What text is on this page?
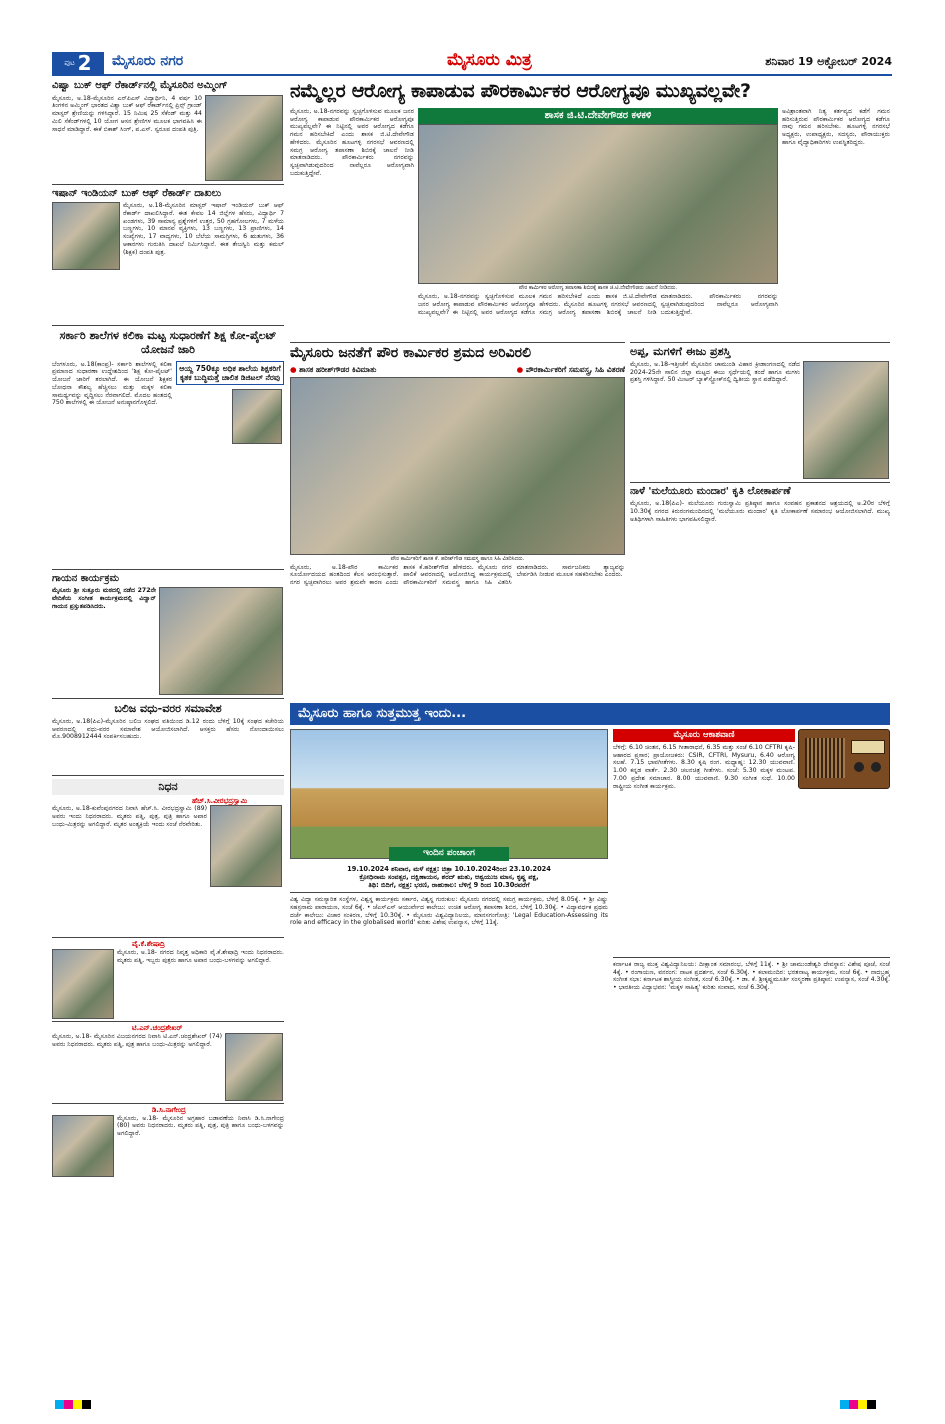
ಪುಟ 2 ಮೈಸೂರು ನಗರ	ಮೈಸೂರು ಮಿತ್ರ	ಶನಿವಾರ 19 ಅಕ್ಟೋಬರ್ 2024
ವಿಷ್ವಾ ಬುಕ್ ಆಫ್ ರೆಕಾರ್ಡ್‌ನಲ್ಲಿ ಮೈಸೂರಿನ ಅಮ್ಮಿಂಗ್
ಮೈಸೂರು, ಅ.18-ಮೈಸೂರಿನ ಎನ್‌ಪಿಎಸ್ ವಿದ್ಯಾರ್ಥಿನಿ, 4 ವರ್ಷ 10 ತಿಂಗಳಿನ ಅಮ್ಮಿಂಗ್ ಭಾರತದ ವಿಶ್ವಾ ಬುಕ್ ಆಫ್ ರೆಕಾರ್ಡ್‌ನಲ್ಲಿ ಪ್ರಿನ್ಸ್ ಗ್ರಾಂಡ್ ಮಾಸ್ಟರ್ ಶ್ರೇಣಿಯನ್ನು ಗಳಿಸಿದ್ದಾರೆ. 15 ನಿಮಿಷ 25 ಸೆಕೆಂಡ್ ಮತ್ತು 44 ಮಿಲಿ ಸೆಕೆಂಡ್‌ಗಳಲ್ಲಿ 10 ಯೋಗ ಆಸನ ಶ್ರೇಣಿಗಳ ಮೂಲಕ ಭಾಗವಹಿಸಿ ಈ ಸಾಧನೆ ಮಾಡಿದ್ದಾರೆ. ಈಕೆ ಬಿಕಾಶ್ ಸಿಂಗ್, ಪ.ಎಸ್. ಸ್ವರೂಪ ದಂಪತಿ ಪುತ್ರಿ.
ಇಷಾನ್ ಇಂಡಿಯನ್ ಬುಕ್ ಆಫ್ ರೆಕಾರ್ಡ್ ದಾಖಲು
ಮೈಸೂರು, ಅ.18-ಮೈಸೂರಿನ ಮಾಸ್ಟರ್ ಇಷಾನ್ ಇಂಡಿಯನ್ ಬುಕ್ ಆಫ್ ರೆಕಾರ್ಡ್ ದಾಖಲಿಸಿದ್ದಾರೆ. ಈತ ಕೇವಲ 14 ಜಿಲ್ಲೆಗಳ ಹೆಸರು, ವಿದ್ಯಾರ್ಥಿ 7 ಖಂಡಗಳು, 39 ಸಾಮಾನ್ಯ ಪ್ರಶ್ನೆಗಳಿಗೆ ಉತ್ತರ, 50 ಗ್ರಹಗೋಲಗಳು, 7 ಮಳೆಯ ಬಣ್ಣಗಳು, 10 ಮಾನವ ವ್ಯಕ್ತಿಗಳು, 13 ಬಣ್ಣಗಳು, 13 ಪ್ರಾಣಿಗಳು, 14 ಸಂಖ್ಯೆಗಳು, 17 ವಾದ್ಯಗಳು, 10 ಬೆಲೆಯ ಸಾಮಗ್ರಿಗಳು, 6 ಋತುಗಳು, 36 ಆಕಾರಗಳು ಗುರುತಿಸಿ ದಾಖಲೆ ನಿರ್ಮಿಸಿದ್ದಾನೆ. ಈತ ತೇಜಸ್ವಿನಿ ಮತ್ತು ಕಮಲ್ (ಶಿಕ್ಷಕ) ದಂಪತಿ ಪುತ್ರ.
ಸರ್ಕಾರಿ ಶಾಲೆಗಳ ಕಲಿಕಾ ಮಟ್ಟ ಸುಧಾರಣೆಗೆ ಶಿಕ್ಷ ಕೋ-ಪೈಲಟ್ ಯೋಜನೆ ಜಾರಿ
ಬೆಂಗಳೂರು, ಅ.18(ಕಾಂಪ್ರ)- ಸರ್ಕಾರಿ ಶಾಲೆಗಳಲ್ಲಿ ಕಲಿಕಾ ಪ್ರಮಾಣದ ಸುಧಾರಣಾ ಉದ್ದೇಶದಿಂದ 'ಶಿಕ್ಷ ಕೋ-ಪೈಲಟ್' ಯೋಜನೆ ಜಾರಿಗೆ ತರಲಾಗಿದೆ. ಈ ಯೋಜನೆ ಶಿಕ್ಷಕರ ಬೋಧನಾ ಕೌಶಲ್ಯ ಹೆಚ್ಚಿಸಲು ಮತ್ತು ಮಕ್ಕಳ ಕಲಿಕಾ ಸಾಮರ್ಥ್ಯವನ್ನು ವೃದ್ಧಿಸಲು ನೆರವಾಗಲಿದೆ. ಮೊದಲ ಹಂತದಲ್ಲಿ 750 ಶಾಲೆಗಳಲ್ಲಿ ಈ ಯೋಜನೆ ಅನುಷ್ಠಾನಗೊಳ್ಳಲಿದೆ.
ಆಯ್ದ 750ಕ್ಕೂ ಅಧಿಕ ಶಾಲೆಯ ಶಿಕ್ಷಕರಿಗೆ ಕೃತಕ ಬುದ್ಧಿಮತ್ತೆ ಚಾಲಿತ ಡಿಜಿಟಲ್ ನೆರವು
ಗಾಯನ ಕಾರ್ಯಕ್ರಮ
ಮೈಸೂರು ಶ್ರೀ ಸುತ್ತೂರು ಮಠದಲ್ಲಿ ನಡೆದ 272ನೇ ವೇದಿಕೆಯ ಸಂಗೀತ ಕಾರ್ಯಕ್ರಮದಲ್ಲಿ ವಿದ್ವಾನ್ ಗಾಯನ ಪ್ರಸ್ತುತಪಡಿಸಿದರು.
ಬಲಿಜ ವಧು-ವರರ ಸಮಾವೇಶ
ಮೈಸೂರು, ಅ.18(ಪಿಎ)-ಮೈಸೂರಿನ ಬಲಿಜ ಸಂಘದ ವತಿಯಿಂದ ಡಿ.12 ರಂದು ಬೆಳಿಗ್ಗೆ 10ಕ್ಕೆ ಸಂಘದ ಕಚೇರಿಯ ಆವರಣದಲ್ಲಿ ವಧು-ವರರ ಸಮಾವೇಶ ಆಯೋಜಿಸಲಾಗಿದೆ. ಆಸಕ್ತರು ಹೆಸರು ನೋಂದಾಯಿಸಲು ಮೊ.9008912444 ಸಂಪರ್ಕಿಸಬಹುದು.
ನಿಧನ
ಹೆಚ್.ಸಿ.ವೀರಭದ್ರಸ್ವಾಮಿ
ಮೈಸೂರು, ಅ.18-ಕುವೆಂಪುನಗರದ ನಿವಾಸಿ ಹೆಚ್.ಸಿ. ವೀರಭದ್ರಸ್ವಾಮಿ (89) ಅವರು ಇಂದು ನಿಧನರಾದರು. ಮೃತರು ಪತ್ನಿ, ಪುತ್ರ, ಪುತ್ರಿ ಹಾಗೂ ಅಪಾರ ಬಂಧು-ಮಿತ್ರರನ್ನು ಅಗಲಿದ್ದಾರೆ. ಮೃತರ ಅಂತ್ಯಕ್ರಿಯೆ ಇಂದು ಸಂಜೆ ನೆರವೇರಿತು.
ವೈ.ಕೆ.ಶೇಷಾದ್ರಿ
ಮೈಸೂರು, ಅ.18- ನಗರದ ನಿವೃತ್ತ ಅಧಿಕಾರಿ ವೈ.ಕೆ.ಶೇಷಾದ್ರಿ ಇಂದು ನಿಧನರಾದರು. ಮೃತರು ಪತ್ನಿ, ಇಬ್ಬರು ಪುತ್ರರು ಹಾಗೂ ಅಪಾರ ಬಂಧು-ಬಳಗವನ್ನು ಅಗಲಿದ್ದಾರೆ.
ಟಿ.ಎನ್.ಚಂದ್ರಶೇಖರ್
ಮೈಸೂರು, ಅ.18- ಮೈಸೂರಿನ ವಿಜಯನಗರದ ನಿವಾಸಿ ಟಿ.ಎನ್.ಚಂದ್ರಶೇಖರ್ (74) ಅವರು ನಿಧನರಾದರು. ಮೃತರು ಪತ್ನಿ, ಪುತ್ರ ಹಾಗೂ ಬಂಧು-ಮಿತ್ರರನ್ನು ಅಗಲಿದ್ದಾರೆ.
ಡಿ.ಸಿ.ನಾಗೇಂದ್ರ
ಮೈಸೂರು, ಅ.18- ಮೈಸೂರಿನ ಅಗ್ರಹಾರ ಬಡಾವಣೆಯ ನಿವಾಸಿ ಡಿ.ಸಿ.ನಾಗೇಂದ್ರ (80) ಅವರು ನಿಧನರಾದರು. ಮೃತರು ಪತ್ನಿ, ಪುತ್ರ, ಪುತ್ರಿ ಹಾಗೂ ಬಂಧು-ಬಳಗವನ್ನು ಅಗಲಿದ್ದಾರೆ.
ನಮ್ಮೆಲ್ಲರ ಆರೋಗ್ಯ ಕಾಪಾಡುವ ಪೌರಕಾರ್ಮಿಕರ ಆರೋಗ್ಯವೂ ಮುಖ್ಯವಲ್ಲವೇ?
ಮೈಸೂರು, ಅ.18-ನಗರವನ್ನು ಸ್ವಚ್ಛಗೊಳಿಸುವ ಮೂಲಕ ಜನರ ಆರೋಗ್ಯ ಕಾಪಾಡುವ ಪೌರಕಾರ್ಮಿಕರ ಆರೋಗ್ಯವೂ ಮುಖ್ಯವಲ್ಲವೇ? ಈ ನಿಟ್ಟಿನಲ್ಲಿ ಅವರ ಆರೋಗ್ಯದ ಕಡೆಗೂ ಗಮನ ಹರಿಸಬೇಕಿದೆ ಎಂದು ಶಾಸಕ ಜಿ.ಟಿ.ದೇವೇಗೌಡ ಹೇಳಿದರು. ಮೈಸೂರಿನ ಹೂಟಗಳ್ಳಿ ನಗರಸಭೆ ಆವರಣದಲ್ಲಿ ಸಮಗ್ರ ಆರೋಗ್ಯ ತಪಾಸಣಾ ಶಿಬಿರಕ್ಕೆ ಚಾಲನೆ ನೀಡಿ ಮಾತನಾಡಿದರು. ಪೌರಕಾರ್ಮಿಕರು ನಗರವನ್ನು ಸ್ವಚ್ಛವಾಗಿಡುವುದರಿಂದ ನಾವೆಲ್ಲರೂ ಆರೋಗ್ಯವಾಗಿ ಬದುಕುತ್ತಿದ್ದೇವೆ.
ಶಾಸಕ ಜಿ.ಟಿ.ದೇವೇಗೌಡರ ಕಳಕಳಿ
ಪೌರ ಕಾರ್ಮಿಕರ ಆರೋಗ್ಯ ತಪಾಸಣಾ ಶಿಬಿರಕ್ಕೆ ಶಾಸಕ ಜಿ.ಟಿ.ದೇವೇಗೌಡರು ಚಾಲನೆ ನೀಡಿದರು.
ಮೈಸೂರು, ಅ.18-ನಗರವನ್ನು ಸ್ವಚ್ಛಗೊಳಿಸುವ ಮೂಲಕ ಜನರ ಆರೋಗ್ಯ ಕಾಪಾಡುವ ಪೌರಕಾರ್ಮಿಕರ ಆರೋಗ್ಯವೂ ಮುಖ್ಯವಲ್ಲವೇ? ಈ ನಿಟ್ಟಿನಲ್ಲಿ ಅವರ ಆರೋಗ್ಯದ ಕಡೆಗೂ ಗಮನ ಹರಿಸಬೇಕಿದೆ ಎಂದು ಶಾಸಕ ಜಿ.ಟಿ.ದೇವೇಗೌಡ ಹೇಳಿದರು. ಮೈಸೂರಿನ ಹೂಟಗಳ್ಳಿ ನಗರಸಭೆ ಆವರಣದಲ್ಲಿ ಸಮಗ್ರ ಆರೋಗ್ಯ ತಪಾಸಣಾ ಶಿಬಿರಕ್ಕೆ ಚಾಲನೆ ನೀಡಿ ಮಾತನಾಡಿದರು. ಪೌರಕಾರ್ಮಿಕರು ನಗರವನ್ನು ಸ್ವಚ್ಛವಾಗಿಡುವುದರಿಂದ ನಾವೆಲ್ಲರೂ ಆರೋಗ್ಯವಾಗಿ ಬದುಕುತ್ತಿದ್ದೇವೆ.
ಅವಿಶ್ರಾಂತವಾಗಿ ನಿತ್ಯ ಕರ್ತವ್ಯದ ಕಡೆಗೆ ಗಮನ ಹರಿಸುತ್ತಿರುವ ಪೌರಕಾರ್ಮಿಕರ ಆರೋಗ್ಯದ ಕಡೆಗೂ ನಾವು ಗಮನ ಹರಿಸಬೇಕು. ಹೂಟಗಳ್ಳಿ ನಗರಸಭೆ ಅಧ್ಯಕ್ಷರು, ಉಪಾಧ್ಯಕ್ಷರು, ಸದಸ್ಯರು, ಪೌರಾಯುಕ್ತರು ಹಾಗೂ ವೈದ್ಯಾಧಿಕಾರಿಗಳು ಉಪಸ್ಥಿತರಿದ್ದರು.
ಮೈಸೂರು ಜನತೆಗೆ ಪೌರ ಕಾರ್ಮಿಕರ ಶ್ರಮದ ಅರಿವಿರಲಿ
● ಶಾಸಕ ಹರೀಶ್‌ಗೌಡರ ಕಿವಿಮಾತು	● ಪೌರಕಾರ್ಮಿಕರಿಗೆ ಸಮವಸ್ತ್ರ, ಸಿಹಿ ವಿತರಣೆ
ಪೌರ ಕಾರ್ಮಿಕರಿಗೆ ಶಾಸಕ ಕೆ. ಹರೀಶ್‌ಗೌಡ ಸಮವಸ್ತ್ರ ಹಾಗೂ ಸಿಹಿ ವಿತರಿಸಿದರು.
ಮೈಸೂರು, ಅ.18-ಪೌರ ಕಾರ್ಮಿಕರ ಸೂರ್ಯೋದಯದ ಹಂತದಿಂದ ಕೆಲಸ ಆರಂಭಿಸುತ್ತಾರೆ. ನಗರ ಸ್ವಚ್ಛವಾಗಿರಲು ಅವರ ಶ್ರಮವೇ ಕಾರಣ ಎಂದು ಶಾಸಕ ಕೆ.ಹರೀಶ್‌ಗೌಡ ಹೇಳಿದರು. ಮೈಸೂರು ನಗರ ಪಾಲಿಕೆ ಆವರಣದಲ್ಲಿ ಆಯೋಜಿಸಿದ್ದ ಕಾರ್ಯಕ್ರಮದಲ್ಲಿ ಪೌರಕಾರ್ಮಿಕರಿಗೆ ಸಮವಸ್ತ್ರ ಹಾಗೂ ಸಿಹಿ ವಿತರಿಸಿ ಮಾತನಾಡಿದರು. ಸಾರ್ವಜನಿಕರು ತ್ಯಾಜ್ಯವನ್ನು ಬೇರ್ಪಡಿಸಿ ನೀಡುವ ಮೂಲಕ ಸಹಕರಿಸಬೇಕು ಎಂದರು.
ಅಪ್ಪ, ಮಗಳಿಗೆ ಈಜು ಪ್ರಶಸ್ತಿ
ಮೈಸೂರು, ಅ.18-ಇತ್ತೀಚೆಗೆ ಮೈಸೂರಿನ ಚಾಮುಂಡಿ ವಿಹಾರ ಕ್ರೀಡಾಂಗಣದಲ್ಲಿ ನಡೆದ 2024-25ನೇ ಸಾಲಿನ ಜಿಲ್ಲಾ ಮಟ್ಟದ ಈಜು ಸ್ಪರ್ಧೆಯಲ್ಲಿ ತಂದೆ ಹಾಗೂ ಮಗಳು ಪ್ರಶಸ್ತಿ ಗಳಿಸಿದ್ದಾರೆ. 50 ಮೀಟರ್ ಬ್ಯಾಕ್‌ಸ್ಟ್ರೋಕ್‌ನಲ್ಲಿ ದ್ವಿತೀಯ ಸ್ಥಾನ ಪಡೆದಿದ್ದಾರೆ.
ನಾಳೆ 'ಮಲೆಯೂರು ಮಂದಾರ' ಕೃತಿ ಲೋಕಾರ್ಪಣೆ
ಮೈಸೂರು, ಅ.18(ಪಿಎ)- ಮಲೆಯೂರು ಗುರುಸ್ವಾಮಿ ಪ್ರತಿಷ್ಠಾನ ಹಾಗೂ ಸಂವಹನ ಪ್ರಕಾಶನದ ಆಶ್ರಯದಲ್ಲಿ ಅ.20ರ ಬೆಳಿಗ್ಗೆ 10.30ಕ್ಕೆ ನಗರದ ಕಿರುರಂಗಮಂದಿರದಲ್ಲಿ 'ಮಲೆಯೂರು ಮಂದಾರ' ಕೃತಿ ಲೋಕಾರ್ಪಣೆ ಸಮಾರಂಭ ಆಯೋಜಿಸಲಾಗಿದೆ. ಮುಖ್ಯ ಅತಿಥಿಗಳಾಗಿ ಸಾಹಿತಿಗಳು ಭಾಗವಹಿಸಲಿದ್ದಾರೆ.
ಮೈಸೂರು ಹಾಗೂ ಸುತ್ತಮುತ್ತ ಇಂದು...
ಇಂದಿನ ಪಂಚಾಂಗ
19.10.2024 ಶನಿವಾರ, ಮಳೆ ನಕ್ಷತ್ರ: ಚಿತ್ರಾ 10.10.2024ರಿಂದ 23.10.2024
ಕ್ರೋಧಿನಾಮ ಸಂವತ್ಸರ, ದಕ್ಷಿಣಾಯನ, ಶರದ್ ಋತು, ಆಶ್ವಯುಜ ಮಾಸ, ಕೃಷ್ಣ ಪಕ್ಷ,
ತಿಥಿ: ಬಿದಿಗೆ, ನಕ್ಷತ್ರ: ಭರಣಿ, ರಾಹುಕಾಲ: ಬೆಳಿಗ್ಗೆ 9 ರಿಂದ 10.30ರವರೆಗೆ
ವಿಶ್ವ ವಿದ್ಯಾ ಸಮಸ್ಯಾರಿತ ಸಂಸ್ಥೆಗಳ, ವಿಶ್ವಸ್ಥ ಕಾರ್ಯಕ್ರಮ ಸರ್ಕಾರ, ವಿಶ್ವಸ್ಥ ಗುರುಕುಲ: ಮೈಸೂರು ನಗರದಲ್ಲಿ ಸಮಗ್ರ ಕಾರ್ಯಕ್ರಮ, ಬೆಳಿಗ್ಗೆ 8.05ಕ್ಕೆ. • ಶ್ರೀ ವಿಷ್ಣು ಸಹಸ್ರನಾಮ ಪಾರಾಯಣ, ಸಂಜೆ 6ಕ್ಕೆ. • ಜೆಎಸ್‌ಎಸ್ ಆಯುರ್ವೇದ ಕಾಲೇಜು: ಉಚಿತ ಆರೋಗ್ಯ ತಪಾಸಣಾ ಶಿಬಿರ, ಬೆಳಿಗ್ಗೆ 10.30ಕ್ಕೆ. • ವಿದ್ಯಾವರ್ಧಕ ಪ್ರಥಮ ದರ್ಜೆ ಕಾಲೇಜು: ವಿಚಾರ ಸಂಕಿರಣ, ಬೆಳಿಗ್ಗೆ 10.30ಕ್ಕೆ. • ಮೈಸೂರು ವಿಶ್ವವಿದ್ಯಾನಿಲಯ, ಮಾನಸಗಂಗೋತ್ರಿ: 'Legal Education-Assessing its role and efficacy in the globalised world' ಕುರಿತು ವಿಶೇಷ ಉಪನ್ಯಾಸ, ಬೆಳಿಗ್ಗೆ 11ಕ್ಕೆ.
ಮೈಸೂರು ಆಕಾಶವಾಣಿ
ಬೆಳಿಗ್ಗೆ: 6.10 ಚಿಂತನ, 6.15 ಗೀತಾರಾಧನೆ, 6.35 ಮತ್ತು ಸಂಜೆ 6.10 CFTRI ಕೃಷಿ- ಆಹಾರದ ಪ್ರಸಾರ; ಪ್ರಾಯೋಜಕರು: CSIR, CFTRI, Mysuru, 6.40 ಆರೋಗ್ಯ ಸಲಹೆ. 7.15 ಭಾವಗೀತೆಗಳು. 8.30 ಕೃಷಿ ರಂಗ. ಮಧ್ಯಾಹ್ನ: 12.30 ಯುವವಾಣಿ. 1.00 ಕನ್ನಡ ವಾರ್ತೆ. 2.30 ಚಲನಚಿತ್ರ ಗೀತೆಗಳು. ಸಂಜೆ: 5.30 ಮಕ್ಕಳ ಮಂಟಪ. 7.00 ಪ್ರದೇಶ ಸಮಾಚಾರ. 8.00 ಯುವವಾಣಿ. 9.30 ಸಂಗೀತ ಸುಧೆ. 10.00 ರಾಷ್ಟ್ರೀಯ ಸಂಗೀತ ಕಾರ್ಯಕ್ರಮ.
ಕರ್ನಾಟಕ ರಾಜ್ಯ ಮುಕ್ತ ವಿಶ್ವವಿದ್ಯಾನಿಲಯ: ದೀಕ್ಷಾಂತ ಸಮಾರಂಭ, ಬೆಳಿಗ್ಗೆ 11ಕ್ಕೆ. • ಶ್ರೀ ಚಾಮುಂಡೇಶ್ವರಿ ದೇವಸ್ಥಾನ: ವಿಶೇಷ ಪೂಜೆ, ಸಂಜೆ 4ಕ್ಕೆ. • ರಂಗಾಯಣ, ವನರಂಗ: ನಾಟಕ ಪ್ರದರ್ಶನ, ಸಂಜೆ 6.30ಕ್ಕೆ. • ಕಲಾಮಂದಿರ: ಭರತನಾಟ್ಯ ಕಾರ್ಯಕ್ರಮ, ಸಂಜೆ 6ಕ್ಕೆ. • ನಾದಬ್ರಹ್ಮ ಸಂಗೀತ ಸಭಾ: ಕರ್ನಾಟಕ ಶಾಸ್ತ್ರೀಯ ಸಂಗೀತ, ಸಂಜೆ 6.30ಕ್ಕೆ. • ಡಾ. ಕೆ. ಶ್ರೀಕೃಷ್ಣಮೂರ್ತಿ ಸಂಸ್ಮರಣಾ ಪ್ರತಿಷ್ಠಾನ: ಉಪನ್ಯಾಸ, ಸಂಜೆ 4.30ಕ್ಕೆ. • ಭಾರತೀಯ ವಿದ್ಯಾಭವನ: 'ಮಕ್ಕಳ ಸಾಹಿತ್ಯ' ಕುರಿತು ಸಂವಾದ, ಸಂಜೆ 6.30ಕ್ಕೆ.
